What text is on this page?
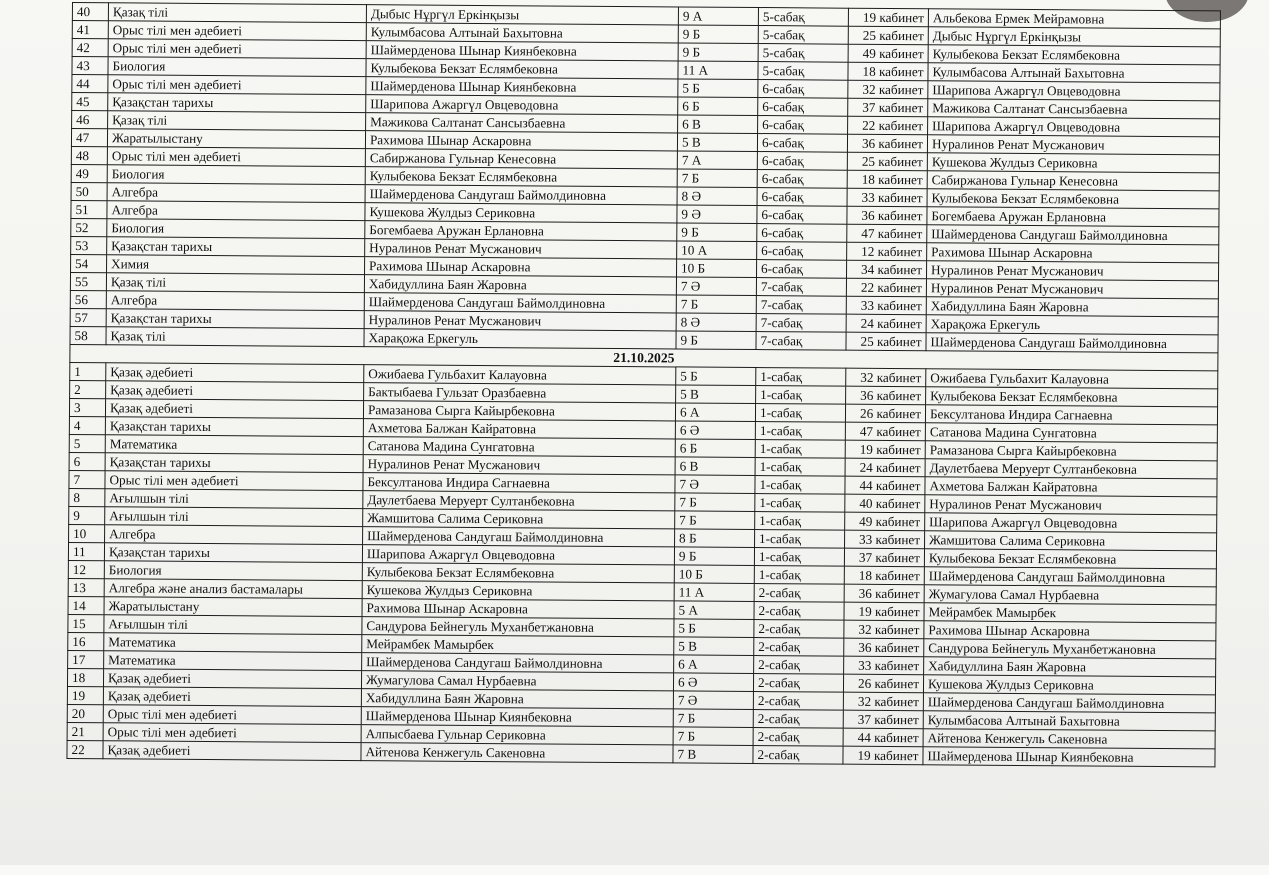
40	Қазақ тілі	Дыбыс Нұргүл Еркінқызы	9 А	5-сабақ	19 кабинет	Альбекова Ермек Мейрамовна
41	Орыс тілі мен әдебиеті	Кулымбасова Алтынай Бахытовна	9 Б	5-сабақ	25 кабинет	Дыбыс Нұргүл Еркінқызы
42	Орыс тілі мен әдебиеті	Шаймерденова Шынар Киянбековна	9 Б	5-сабақ	49 кабинет	Кулыбекова Бекзат Еслямбековна
43	Биология	Кулыбекова Бекзат Еслямбековна	11 А	5-сабақ	18 кабинет	Кулымбасова Алтынай Бахытовна
44	Орыс тілі мен әдебиеті	Шаймерденова Шынар Киянбековна	5 Б	6-сабақ	32 кабинет	Шарипова Ажаргүл Овцеводовна
45	Қазақстан тарихы	Шарипова Ажаргүл Овцеводовна	6 Б	6-сабақ	37 кабинет	Мажикова Салтанат Сансызбаевна
46	Қазақ тілі	Мажикова Салтанат Сансызбаевна	6 В	6-сабақ	22 кабинет	Шарипова Ажаргүл Овцеводовна
47	Жаратылыстану	Рахимова Шынар Аскаровна	5 В	6-сабақ	36 кабинет	Нуралинов Ренат Мусжанович
48	Орыс тілі мен әдебиеті	Сабиржанова Гульнар Кенесовна	7 А	6-сабақ	25 кабинет	Кушекова Жулдыз Сериковна
49	Биология	Кулыбекова Бекзат Еслямбековна	7 Б	6-сабақ	18 кабинет	Сабиржанова Гульнар Кенесовна
50	Алгебра	Шаймерденова Сандугаш Баймолдиновна	8 Ә	6-сабақ	33 кабинет	Кулыбекова Бекзат Еслямбековна
51	Алгебра	Кушекова Жулдыз Сериковна	9 Ә	6-сабақ	36 кабинет	Богембаева Аружан Ерлановна
52	Биология	Богембаева Аружан Ерлановна	9 Б	6-сабақ	47 кабинет	Шаймерденова Сандугаш Баймолдиновна
53	Қазақстан тарихы	Нуралинов Ренат Мусжанович	10 А	6-сабақ	12 кабинет	Рахимова Шынар Аскаровна
54	Химия	Рахимова Шынар Аскаровна	10 Б	6-сабақ	34 кабинет	Нуралинов Ренат Мусжанович
55	Қазақ тілі	Хабидуллина Баян Жаровна	7 Ә	7-сабақ	22 кабинет	Нуралинов Ренат Мусжанович
56	Алгебра	Шаймерденова Сандугаш Баймолдиновна	7 Б	7-сабақ	33 кабинет	Хабидуллина Баян Жаровна
57	Қазақстан тарихы	Нуралинов Ренат Мусжанович	8 Ә	7-сабақ	24 кабинет	Харақожа Еркегуль
58	Қазақ тілі	Харақожа Еркегуль	9 Б	7-сабақ	25 кабинет	Шаймерденова Сандугаш Баймолдиновна
21.10.2025						
1	Қазақ әдебиеті	Ожибаева Гульбахит Калауовна	5 Б	1-сабақ	32 кабинет	Ожибаева Гульбахит Калауовна
2	Қазақ әдебиеті	Бактыбаева Гульзат Оразбаевна	5 В	1-сабақ	36 кабинет	Кулыбекова Бекзат Еслямбековна
3	Қазақ әдебиеті	Рамазанова Сырга Кайырбековна	6 А	1-сабақ	26 кабинет	Бексултанова Индира Сагнаевна
4	Қазақстан тарихы	Ахметова Балжан Кайратовна	6 Ә	1-сабақ	47 кабинет	Сатанова Мадина Сунгатовна
5	Математика	Сатанова Мадина Сунгатовна	6 Б	1-сабақ	19 кабинет	Рамазанова Сырга Кайырбековна
6	Қазақстан тарихы	Нуралинов Ренат Мусжанович	6 В	1-сабақ	24 кабинет	Даулетбаева Меруерт Султанбековна
7	Орыс тілі мен әдебиеті	Бексултанова Индира Сагнаевна	7 Ә	1-сабақ	44 кабинет	Ахметова Балжан Кайратовна
8	Ағылшын тілі	Даулетбаева Меруерт Султанбековна	7 Б	1-сабақ	40 кабинет	Нуралинов Ренат Мусжанович
9	Ағылшын тілі	Жамшитова Салима Сериковна	7 Б	1-сабақ	49 кабинет	Шарипова Ажаргүл Овцеводовна
10	Алгебра	Шаймерденова Сандугаш Баймолдиновна	8 Б	1-сабақ	33 кабинет	Жамшитова Салима Сериковна
11	Қазақстан тарихы	Шарипова Ажаргүл Овцеводовна	9 Б	1-сабақ	37 кабинет	Кулыбекова Бекзат Еслямбековна
12	Биология	Кулыбекова Бекзат Еслямбековна	10 Б	1-сабақ	18 кабинет	Шаймерденова Сандугаш Баймолдиновна
13	Алгебра және анализ бастамалары	Кушекова Жулдыз Сериковна	11 А	2-сабақ	36 кабинет	Жумагулова Самал Нурбаевна
14	Жаратылыстану	Рахимова Шынар Аскаровна	5 А	2-сабақ	19 кабинет	Мейрамбек Мамырбек
15	Ағылшын тілі	Сандурова Бейнегуль Муханбетжановна	5 Б	2-сабақ	32 кабинет	Рахимова Шынар Аскаровна
16	Математика	Мейрамбек Мамырбек	5 В	2-сабақ	36 кабинет	Сандурова Бейнегуль Муханбетжановна
17	Математика	Шаймерденова Сандугаш Баймолдиновна	6 А	2-сабақ	33 кабинет	Хабидуллина Баян Жаровна
18	Қазақ әдебиеті	Жумагулова Самал Нурбаевна	6 Ә	2-сабақ	26 кабинет	Кушекова Жулдыз Сериковна
19	Қазақ әдебиеті	Хабидуллина Баян Жаровна	7 Ә	2-сабақ	32 кабинет	Шаймерденова Сандугаш Баймолдиновна
20	Орыс тілі мен әдебиеті	Шаймерденова Шынар Киянбековна	7 Б	2-сабақ	37 кабинет	Кулымбасова Алтынай Бахытовна
21	Орыс тілі мен әдебиеті	Алпысбаева Гульнар Сериковна	7 Б	2-сабақ	44 кабинет	Айтенова Кенжегуль Сакеновна
22	Қазақ әдебиеті	Айтенова Кенжегуль Сакеновна	7 В	2-сабақ	19 кабинет	Шаймерденова Шынар Киянбековна
